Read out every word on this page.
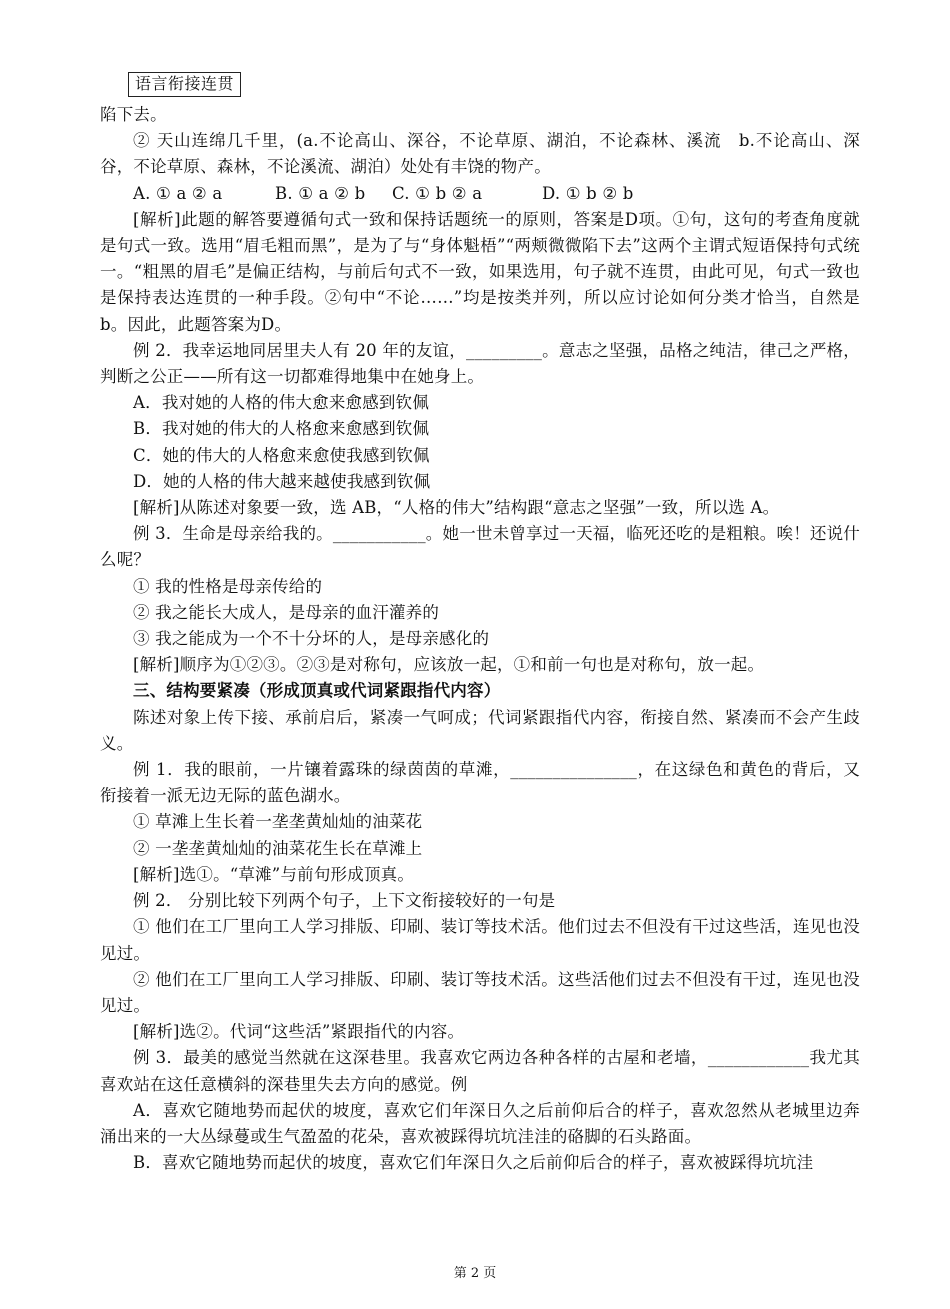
语言衔接连贯

陷下去。

② 天山连绵几千里，(a.不论高山、深谷，不论草原、湖泊，不论森林、溪流　b.不论高山、深谷，不论草原、森林，不论溪流、湖泊）处处有丰饶的物产。

A. ① a ② a	B. ① a ② b C. ① b ② a	D. ① b ② b

[解析]此题的解答要遵循句式一致和保持话题统一的原则，答案是D项。①句，这句的考查角度就是句式一致。选用“眉毛粗而黑”，是为了与“身体魁梧”“两颊微微陷下去”这两个主谓式短语保持句式统一。“粗黑的眉毛”是偏正结构，与前后句式不一致，如果选用，句子就不连贯，由此可见，句式一致也是保持表达连贯的一种手段。②句中“不论……”均是按类并列，所以应讨论如何分类才恰当，自然是b。因此，此题答案为D。

例 2．我幸运地同居里夫人有 20 年的友谊，_________。意志之坚强，品格之纯洁，律己之严格，判断之公正——所有这一切都难得地集中在她身上。

A．我对她的人格的伟大愈来愈感到钦佩

B．我对她的伟大的人格愈来愈感到钦佩

C．她的伟大的人格愈来愈使我感到钦佩

D．她的人格的伟大越来越使我感到钦佩

[解析]从陈述对象要一致，选 AB，“人格的伟大”结构跟“意志之坚强”一致，所以选 A。

例 3．生命是母亲给我的。___________。她一世未曾享过一天福，临死还吃的是粗粮。唉！还说什么呢？

① 我的性格是母亲传给的

② 我之能长大成人，是母亲的血汗灌养的

③ 我之能成为一个不十分坏的人，是母亲感化的

[解析]顺序为①②③。②③是对称句，应该放一起，①和前一句也是对称句，放一起。

三、结构要紧凑（形成顶真或代词紧跟指代内容）

陈述对象上传下接、承前启后，紧凑一气呵成；代词紧跟指代内容，衔接自然、紧凑而不会产生歧义。

例 1．我的眼前，一片镶着露珠的绿茵茵的草滩，_______________，在这绿色和黄色的背后，又衔接着一派无边无际的蓝色湖水。

① 草滩上生长着一垄垄黄灿灿的油菜花

② 一垄垄黄灿灿的油菜花生长在草滩上

[解析]选①。“草滩”与前句形成顶真。

例 2． 分别比较下列两个句子，上下文衔接较好的一句是

① 他们在工厂里向工人学习排版、印刷、装订等技术活。他们过去不但没有干过这些活，连见也没见过。

② 他们在工厂里向工人学习排版、印刷、装订等技术活。这些活他们过去不但没有干过，连见也没见过。

[解析]选②。代词“这些活”紧跟指代的内容。

例 3．最美的感觉当然就在这深巷里。我喜欢它两边各种各样的古屋和老墙，____________我尤其喜欢站在这任意横斜的深巷里失去方向的感觉。例

A．喜欢它随地势而起伏的坡度，喜欢它们年深日久之后前仰后合的样子，喜欢忽然从老城里边奔涌出来的一大丛绿蔓或生气盈盈的花朵，喜欢被踩得坑坑洼洼的硌脚的石头路面。

B．喜欢它随地势而起伏的坡度，喜欢它们年深日久之后前仰后合的样子，喜欢被踩得坑坑洼

第 2 页
